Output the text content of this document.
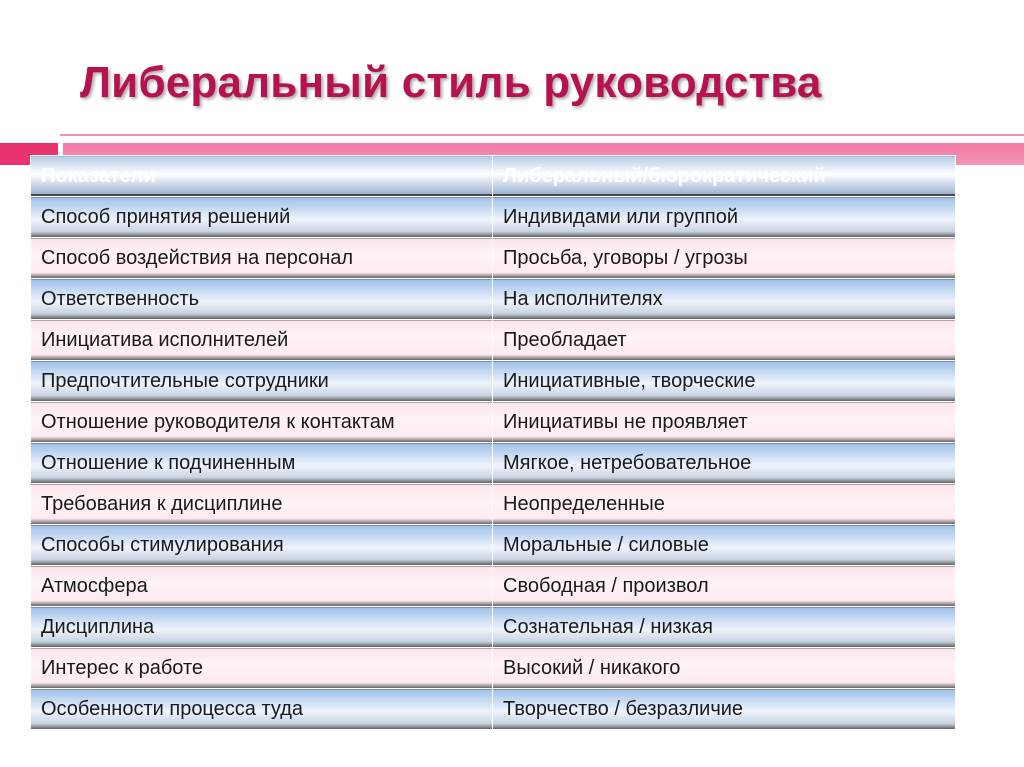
Либеральный стиль руководства
Показатели	Либеральный/бюрократический
Способ принятия решений	Индивидами или группой
Способ воздействия на персонал	Просьба, уговоры / угрозы
Ответственность	На исполнителях
Инициатива исполнителей	Преобладает
Предпочтительные сотрудники	Инициативные, творческие
Отношение руководителя к контактам	Инициативы не проявляет
Отношение к подчиненным	Мягкое, нетребовательное
Требования к дисциплине	Неопределенные
Способы стимулирования	Моральные / силовые
Атмосфера	Свободная / произвол
Дисциплина	Сознательная / низкая
Интерес к работе	Высокий / никакого
Особенности процесса туда	Творчество / безразличие
